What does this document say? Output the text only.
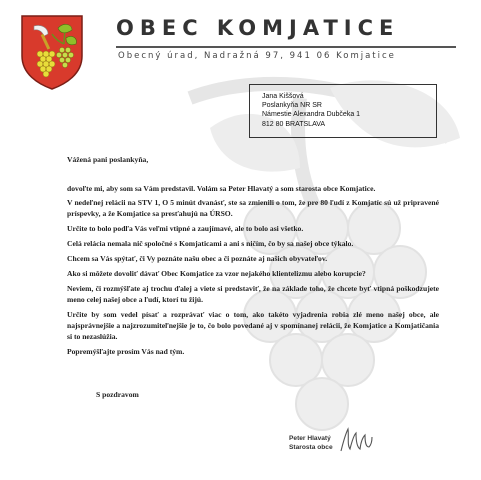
OBEC KOMJATICE
Obecný úrad, Nadražná 97, 941 06 Komjatice
Jana Kiššová
Poslankyňa NR SR
Námestie Alexandra Dubčeka 1
812 80 BRATSLAVA
Vážená pani poslankyňa,
dovoľte mi, aby som sa Vám predstavil. Volám sa Peter Hlavatý a som starosta obce Komjatice.
V nedeľnej relácii na STV 1, O 5 minút dvanásť, ste sa zmienili o tom, že pre 80 ľudí z Komjatíc sú už pripravené príspevky, a že Komjatice sa presťahujú na ÚRSO.
Určite to bolo podľa Vás veľmi vtipné a zaujímavé, ale to bolo asi všetko.
Celá relácia nemala nič spoločné s Komjaticami a ani s ničím, čo by sa našej obce týkalo.
Chcem sa Vás spýtať, či Vy poznáte našu obec a či poznáte aj našich obyvateľov.
Ako si môžete dovoliť dávať Obec Komjatice za vzor nejakého klientelizmu alebo korupcie?
Neviem, či rozmýšľate aj trochu ďalej a viete si predstaviť, že na základe toho, že chcete byť vtipná poškodzujete meno celej našej obce a ľudí, ktorí tu žijú.
Určite by som vedel písať a rozprávať viac o tom, ako takéto vyjadrenia robia zlé meno našej obce, ale najsprávnejšie a najzrozumiteľnejšie je to, čo bolo povedané aj v spomínanej relácii, že Komjatice a Komjatičania si to nezaslúžia.
Popremýšľajte prosím Vás nad tým.
S pozdravom
Peter Hlavatý
Starosta obce
